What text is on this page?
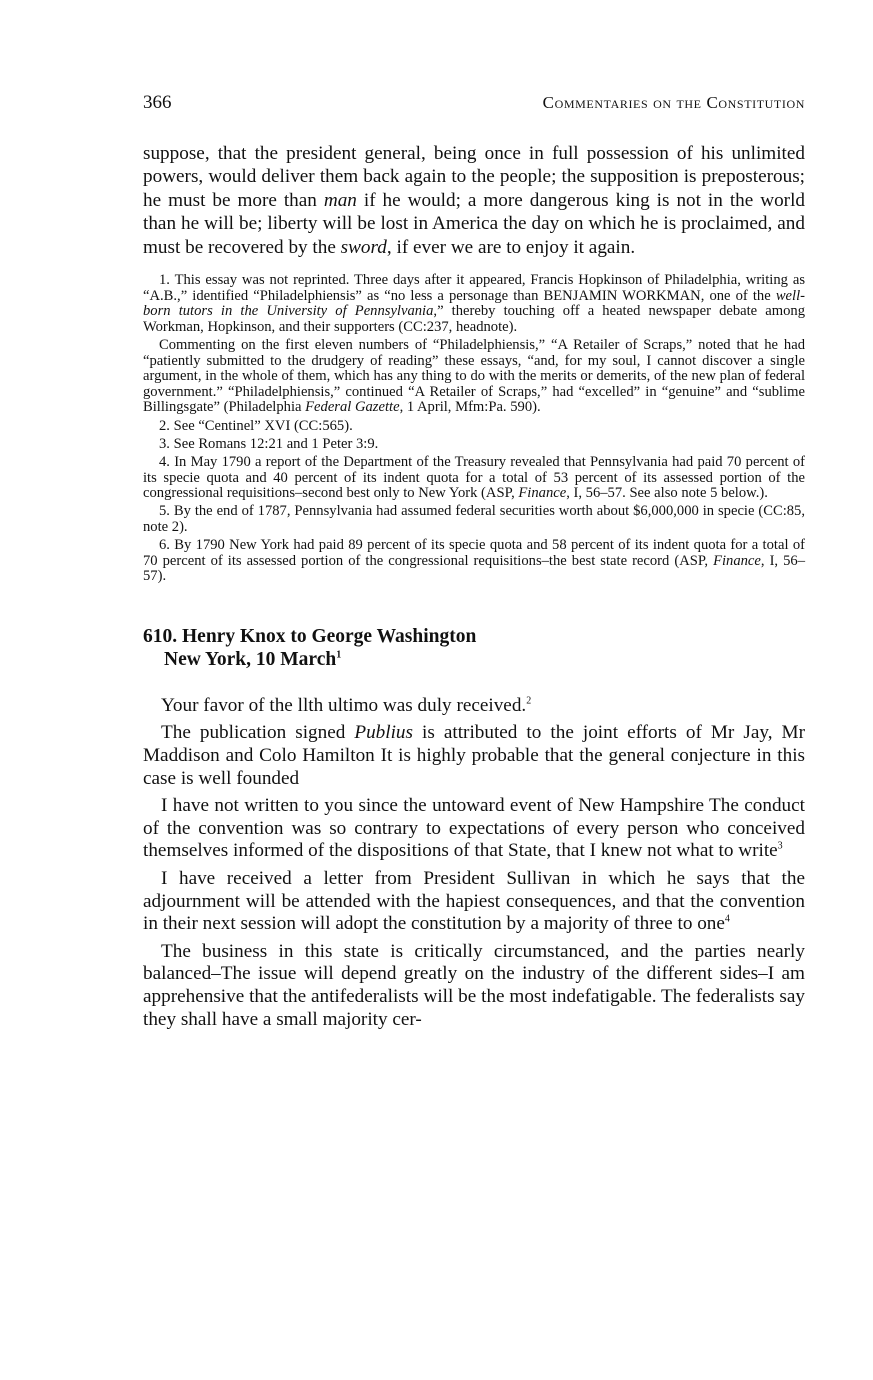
366	Commentaries on the Constitution

suppose, that the president general, being once in full possession of his unlimited powers, would deliver them back again to the people; the supposition is preposterous; he must be more than man if he would; a more dangerous king is not in the world than he will be; liberty will be lost in America the day on which he is proclaimed, and must be recovered by the sword, if ever we are to enjoy it again.

1. This essay was not reprinted. Three days after it appeared, Francis Hopkinson of Philadelphia, writing as “A.B.,” identified “Philadelphiensis” as “no less a personage than BENJAMIN WORKMAN, one of the well-born tutors in the University of Pennsylvania,” thereby touching off a heated newspaper debate among Workman, Hopkinson, and their supporters (CC:237, headnote).

Commenting on the first eleven numbers of “Philadelphiensis,” “A Retailer of Scraps,” noted that he had “patiently submitted to the drudgery of reading” these essays, “and, for my soul, I cannot discover a single argument, in the whole of them, which has any thing to do with the merits or demerits, of the new plan of federal government.” “Philadelphiensis,” continued “A Retailer of Scraps,” had “excelled” in “genuine” and “sublime Billingsgate” (Philadelphia Federal Gazette, 1 April, Mfm:Pa. 590).

2. See “Centinel” XVI (CC:565).

3. See Romans 12:21 and 1 Peter 3:9.

4. In May 1790 a report of the Department of the Treasury revealed that Pennsylvania had paid 70 percent of its specie quota and 40 percent of its indent quota for a total of 53 percent of its assessed portion of the congressional requisitions–second best only to New York (ASP, Finance, I, 56–57. See also note 5 below.).

5. By the end of 1787, Pennsylvania had assumed federal securities worth about $6,000,000 in specie (CC:85, note 2).

6. By 1790 New York had paid 89 percent of its specie quota and 58 percent of its indent quota for a total of 70 percent of its assessed portion of the congressional requisitions–the best state record (ASP, Finance, I, 56–57).

610. Henry Knox to George Washington
New York, 10 March$^1$

Your favor of the llth ultimo was duly received.$^2$

The publication signed Publius is attributed to the joint efforts of Mr Jay, Mr Maddison and Colo Hamilton It is highly probable that the general conjecture in this case is well founded

I have not written to you since the untoward event of New Hampshire The conduct of the convention was so contrary to expectations of every person who conceived themselves informed of the dispositions of that State, that I knew not what to write$^3$

I have received a letter from President Sullivan in which he says that the adjournment will be attended with the hapiest consequences, and that the convention in their next session will adopt the constitution by a majority of three to one$^4$

The business in this state is critically circumstanced, and the parties nearly balanced–The issue will depend greatly on the industry of the different sides–I am apprehensive that the antifederalists will be the most indefatigable. The federalists say they shall have a small majority cer-
